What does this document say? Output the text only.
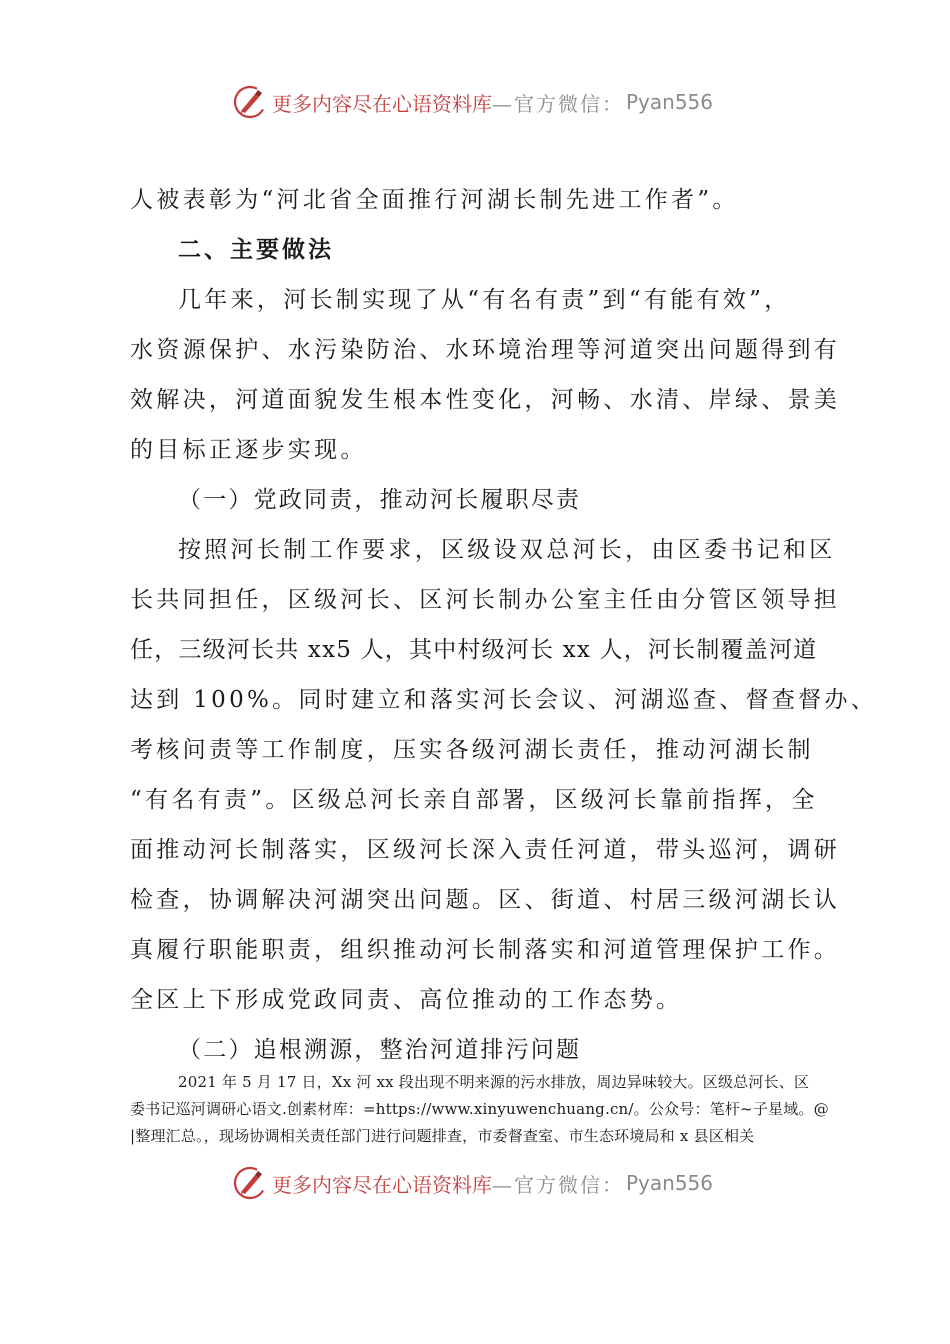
更多内容尽在心语资料库 —官方微信： Pyan556
人被表彰为“河北省全面推行河湖长制先进工作者”。
二、主要做法
几年来，河长制实现了从“有名有责”到“有能有效”，
水资源保护、水污染防治、水环境治理等河道突出问题得到有
效解决，河道面貌发生根本性变化，河畅、水清、岸绿、景美
的目标正逐步实现。
（一）党政同责，推动河长履职尽责
按照河长制工作要求，区级设双总河长，由区委书记和区
长共同担任，区级河长、区河长制办公室主任由分管区领导担
任，三级河长共 xx5 人，其中村级河长 xx 人，河长制覆盖河道
达到 100%。同时建立和落实河长会议、河湖巡查、督查督办、
考核问责等工作制度，压实各级河湖长责任，推动河湖长制
“有名有责”。区级总河长亲自部署，区级河长靠前指挥，全
面推动河长制落实，区级河长深入责任河道，带头巡河，调研
检查，协调解决河湖突出问题。区、街道、村居三级河湖长认
真履行职能职责，组织推动河长制落实和河道管理保护工作。
全区上下形成党政同责、高位推动的工作态势。
（二）追根溯源，整治河道排污问题
2021 年 5 月 17 日，Xx 河 xx 段出现不明来源的污水排放，周边异味较大。区级总河长、区
委书记巡河调研心语文.创素材库：=https://www.xinyuwenchuang.cn/。公众号：笔杆~子星域。@
|整理汇总。，现场协调相关责任部门进行问题排查，市委督查室、市生态环境局和 x 县区相关
更多内容尽在心语资料库 —官方微信： Pyan556
